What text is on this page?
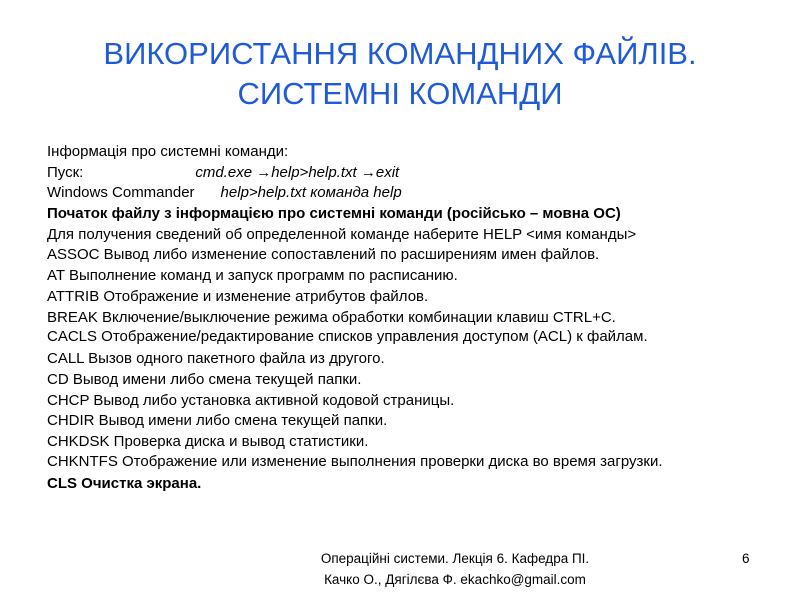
ВИКОРИСТАННЯ КОМАНДНИХ ФАЙЛІВ.
СИСТЕМНІ КОМАНДИ
Інформація про системні команди:
Пуск:	cmd.exe →help>help.txt →exit
Windows Commander help>help.txt команда help
Початок файлу з інформацією про системні команди (російсько – мовна ОС)
Для получения сведений об определенной команде наберите HELP <имя команды>
ASSOC Вывод либо изменение сопоставлений по расширениям имен файлов.
AT Выполнение команд и запуск программ по расписанию.
ATTRIB Отображение и изменение атрибутов файлов.
BREAK Включение/выключение режима обработки комбинации клавиш CTRL+C.
CACLS Отображение/редактирование списков управления доступом (ACL) к файлам.
CALL Вызов одного пакетного файла из другого.
CD Вывод имени либо смена текущей папки.
CHCP Вывод либо установка активной кодовой страницы.
CHDIR Вывод имени либо смена текущей папки.
CHKDSK Проверка диска и вывод статистики.
CHKNTFS Отображение или изменение выполнения проверки диска во время загрузки.
CLS Очистка экрана.
Операційні системи. Лекція 6. Кафедра ПІ.
Качко О., Дягілєва Ф. ekachko@gmail.com
6
